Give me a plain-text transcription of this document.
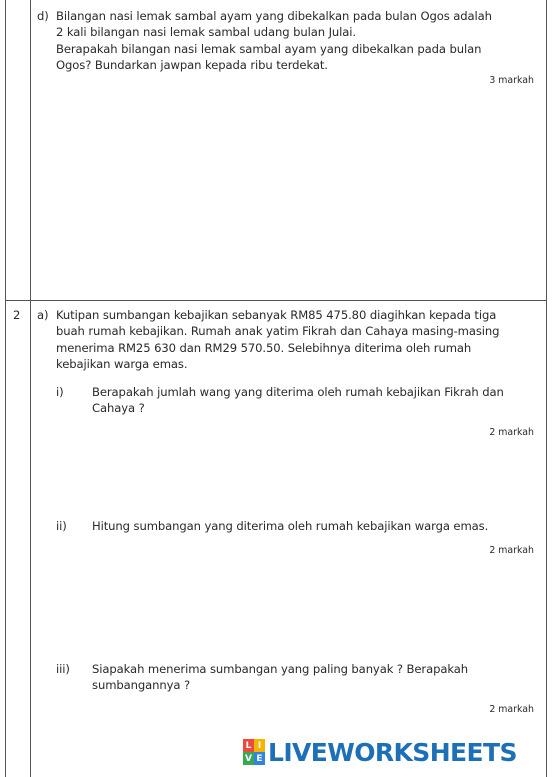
d) Bilangan nasi lemak sambal ayam yang dibekalkan pada bulan Ogos adalah
2 kali bilangan nasi lemak sambal udang bulan Julai.
Berapakah bilangan nasi lemak sambal ayam yang dibekalkan pada bulan
Ogos? Bundarkan jawpan kepada ribu terdekat.
3 markah
2 a) Kutipan sumbangan kebajikan sebanyak RM85 475.80 diagihkan kepada tiga
buah rumah kebajikan. Rumah anak yatim Fikrah dan Cahaya masing-masing
menerima RM25 630 dan RM29 570.50. Selebihnya diterima oleh rumah
kebajikan warga emas.
i) Berapakah jumlah wang yang diterima oleh rumah kebajikan Fikrah dan
Cahaya ?
2 markah
ii) Hitung sumbangan yang diterima oleh rumah kebajikan warga emas.
2 markah
iii) Siapakah menerima sumbangan yang paling banyak ? Berapakah
sumbangannya ?
2 markah
L I
V E LIVEWORKSHEETS
